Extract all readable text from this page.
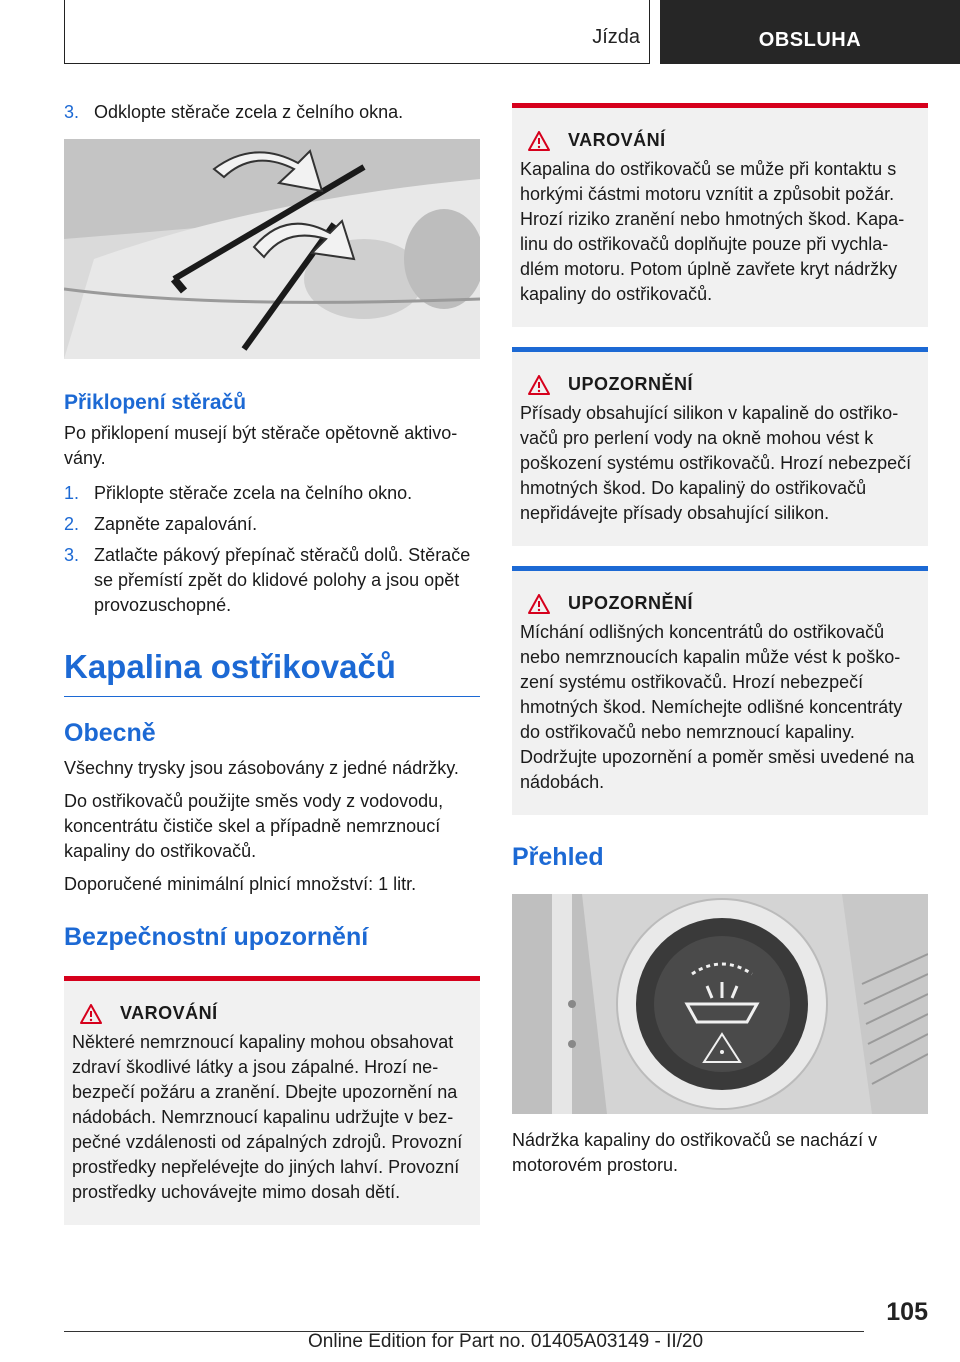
Jízda	OBSLUHA
3. Odklopte stěrače zcela z čelního okna.
Přiklopení stěračů

Po přiklopení musejí být stěrače opětovně aktivovány.

1. Přiklopte stěrače zcela na čelního okno.
2. Zapněte zapalování.
3. Zatlačte pákový přepínač stěračů dolů. Stěrače se přemístí zpět do klidové polohy a jsou opět provozuschopné.
Kapalina ostřikovačů
Obecně

Všechny trysky jsou zásobovány z jedné nádržky.

Do ostřikovačů použijte směs vody z vodovodu, koncentrátu čističe skel a případně nemrznoucí kapaliny do ostřikovačů.

Doporučené minimální plnicí množství: 1 litr.

Bezpečnostní upozornění
VAROVÁNÍ
Některé nemrznoucí kapaliny mohou obsahovat zdraví škodlivé látky a jsou zápalné. Hrozí nebezpečí požáru a zranění. Dbejte upozornění na nádobách. Nemrznoucí kapalinu udržujte v bezpečné vzdálenosti od zápalných zdrojů. Provozní prostředky nepřelévejte do jiných lahví. Provozní prostředky uchovávejte mimo dosah dětí.
VAROVÁNÍ
Kapalina do ostřikovačů se může při kontaktu s horkými částmi motoru vznítit a způsobit požár. Hrozí riziko zranění nebo hmotných škod. Kapalinu do ostřikovačů doplňujte pouze při vychladlém motoru. Potom úplně zavřete kryt nádržky kapaliny do ostřikovačů.
UPOZORNĚNÍ
Přísady obsahující silikon v kapalině do ostřikovačů pro perlení vody na okně mohou vést k poškození systému ostřikovačů. Hrozí nebezpečí hmotných škod. Do kapalinÿ do ostřikovačů nepřidávejte přísady obsahující silikon.
UPOZORNĚNÍ
Míchání odlišných koncentrátů do ostřikovačů nebo nemrznoucích kapalin může vést k poškození systému ostřikovačů. Hrozí nebezpečí hmotných škod. Nemíchejte odlišné koncentráty do ostřikovačů nebo nemrznoucí kapaliny. Dodržujte upozornění a poměr směsi uvedené na nádobách.
Přehled

Nádržka kapaliny do ostřikovačů se nachází v motorovém prostoru.

105
Online Edition for Part no. 01405A03149 - II/20
